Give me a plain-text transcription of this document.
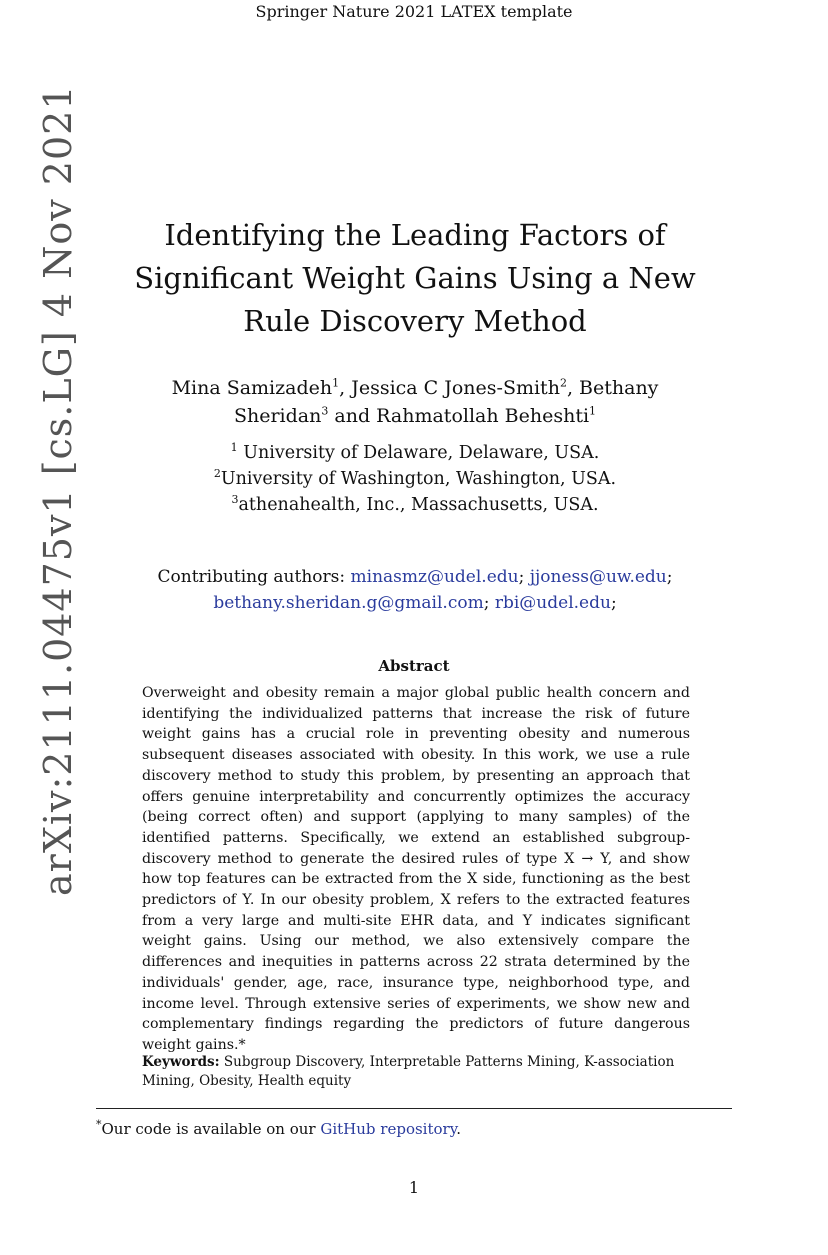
Springer Nature 2021 LATEX template
arXiv:2111.04475v1 [cs.LG] 4 Nov 2021	Identifying the Leading Factors of Significant Weight Gains Using a New Rule Discovery Method
Mina Samizadeh$^1$, Jessica C Jones-Smith$^2$, Bethany Sheridan$^3$ and Rahmatollah Beheshti$^1$
$^1$ University of Delaware, Delaware, USA.
$^2$University of Washington, Washington, USA.
$^3$athenahealth, Inc., Massachusetts, USA.
Contributing authors: minasmz@udel.edu; jjoness@uw.edu;
bethany.sheridan.g@gmail.com; rbi@udel.edu;
Abstract

Overweight and obesity remain a major global public health concern and identifying the individualized patterns that increase the risk of future weight gains has a crucial role in preventing obesity and numerous subsequent diseases associated with obesity. In this work, we use a rule discovery method to study this problem, by presenting an approach that offers genuine interpretability and concurrently optimizes the accuracy (being correct often) and support (applying to many samples) of the identified patterns. Specifically, we extend an established subgroup-discovery method to generate the desired rules of type X → Y, and show how top features can be extracted from the X side, functioning as the best predictors of Y. In our obesity problem, X refers to the extracted features from a very large and multi-site EHR data, and Y indicates significant weight gains. Using our method, we also extensively compare the differences and inequities in patterns across 22 strata determined by the individuals' gender, age, race, insurance type, neighborhood type, and income level. Through extensive series of experiments, we show new and complementary findings regarding the predictors of future dangerous weight gains.*

Keywords: Subgroup Discovery, Interpretable Patterns Mining, K-association Mining, Obesity, Health equity
*Our code is available on our GitHub repository.
1
